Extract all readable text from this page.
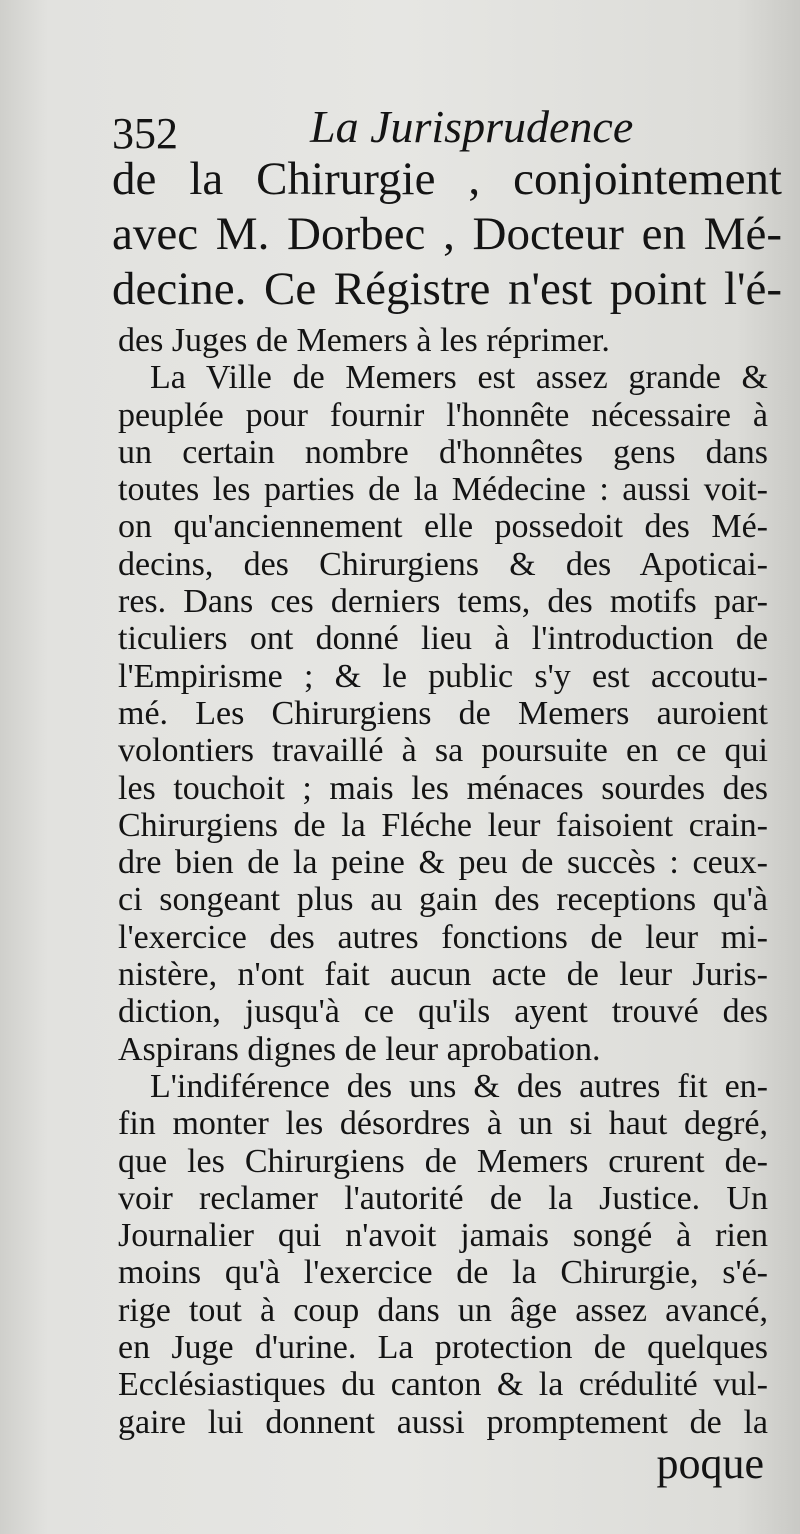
352	La Jurisprudence
de la Chirurgie , conjointement
avec M. Dorbec , Docteur en Mé-
decine. Ce Régistre n'est point l'é-
des Juges de Memers à les réprimer.
La Ville de Memers est assez grande &
peuplée pour fournir l'honnête nécessaire à
un certain nombre d'honnêtes gens dans
toutes les parties de la Médecine : aussi voit-
on qu'anciennement elle possedoit des Mé-
decins, des Chirurgiens & des Apoticai-
res. Dans ces derniers tems, des motifs par-
ticuliers ont donné lieu à l'introduction de
l'Empirisme ; & le public s'y est accoutu-
mé. Les Chirurgiens de Memers auroient
volontiers travaillé à sa poursuite en ce qui
les touchoit ; mais les ménaces sourdes des
Chirurgiens de la Fléche leur faisoient crain-
dre bien de la peine & peu de succès : ceux-
ci songeant plus au gain des receptions qu'à
l'exercice des autres fonctions de leur mi-
nistère, n'ont fait aucun acte de leur Juris-
diction, jusqu'à ce qu'ils ayent trouvé des
Aspirans dignes de leur aprobation.
L'indiférence des uns & des autres fit en-
fin monter les désordres à un si haut degré,
que les Chirurgiens de Memers crurent de-
voir reclamer l'autorité de la Justice. Un
Journalier qui n'avoit jamais songé à rien
moins qu'à l'exercice de la Chirurgie, s'é-
rige tout à coup dans un âge assez avancé,
en Juge d'urine. La protection de quelques
Ecclésiastiques du canton & la crédulité vul-
gaire lui donnent aussi promptement de la
poque
